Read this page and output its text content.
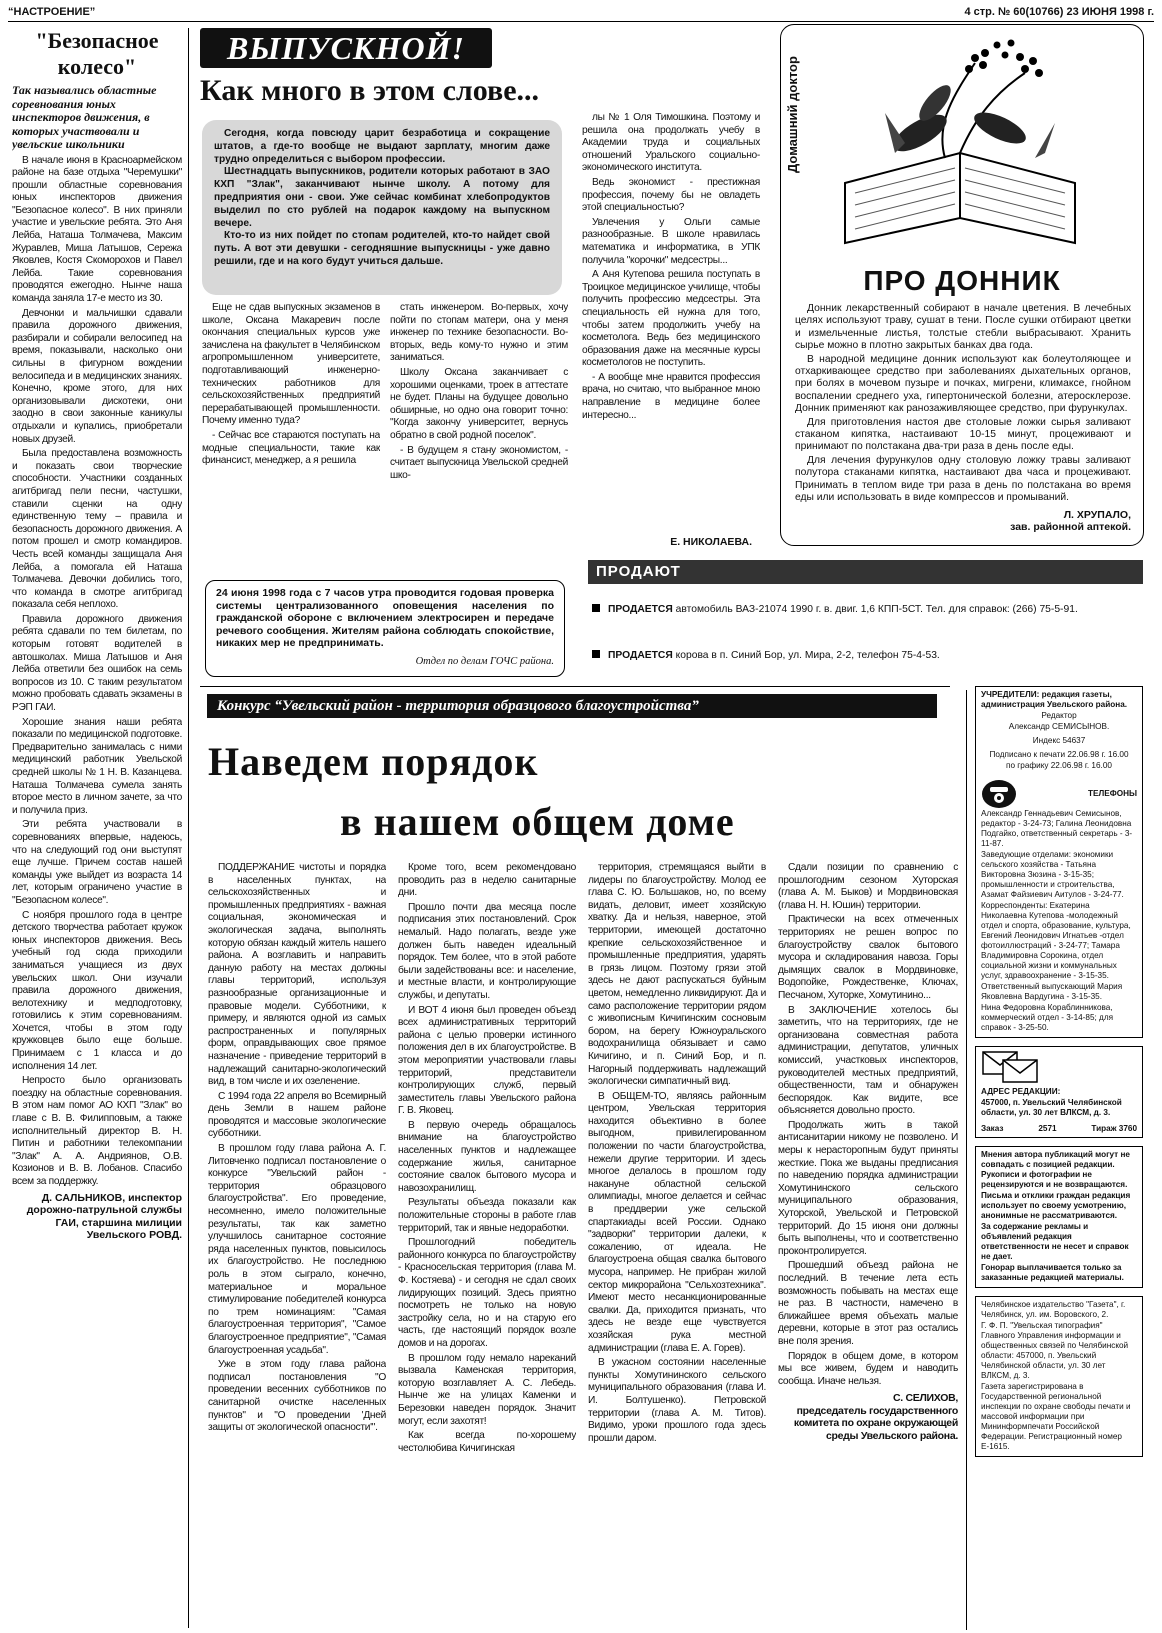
“НАСТРОЕНИЕ”	4 стр. № 60(10766) 23 ИЮНЯ 1998 г.
"Безопасное колесо"
Так назывались областные соревнования юных инспекторов движения, в которых участвовали и увельские школьники

В начале июня в Красноармейском районе на базе отдыха "Черемушки" прошли областные соревнования юных инспекторов движения "Безопасное колесо". В них приняли участие и увельские ребята. Это Аня Лейба, Наташа Толмачева, Максим Журавлев, Миша Латышов, Сережа Яковлев, Костя Скоморохов и Павел Лейба. Такие соревнования проводятся ежегодно. Нынче наша команда заняла 17-е место из 30.

Девчонки и мальчишки сдавали правила дорожного движения, разбирали и собирали велосипед на время, показывали, насколько они сильны в фигурном вождении велосипеда и в медицинских знаниях. Конечно, кроме этого, для них организовывали дискотеки, они заодно в свои законные каникулы отдыхали и купались, приобретали новых друзей.

Была предоставлена возможность и показать свои творческие способности. Участники созданных агитбригад пели песни, частушки, ставили сценки на одну единственную тему – правила и безопасность дорожного движения. А потом прошел и смотр командиров. Честь всей команды защищала Аня Лейба, а помогала ей Наташа Толмачева. Девочки добились того, что команда в смотре агитбригад показала себя неплохо.

Правила дорожного движения ребята сдавали по тем билетам, по которым готовят водителей в автошколах. Миша Латышов и Аня Лейба ответили без ошибок на семь вопросов из 10. С таким результатом можно пробовать сдавать экзамены в РЭП ГАИ.

Хорошие знания наши ребята показали по медицинской подготовке. Предварительно занималась с ними медицинский работник Увельской средней школы № 1 Н. В. Казанцева. Наташа Толмачева сумела занять второе место в личном зачете, за что и получила приз.

Эти ребята участвовали в соревнованиях впервые, надеюсь, что на следующий год они выступят еще лучше. Причем состав нашей команды уже выйдет из возраста 14 лет, которым ограничено участие в "Безопасном колесе".

С ноября прошлого года в центре детского творчества работает кружок юных инспекторов движения. Весь учебный год сюда приходили заниматься учащиеся из двух увельских школ. Они изучали правила дорожного движения, велотехнику и медподготовку, готовились к этим соревнованиям. Хочется, чтобы в этом году кружковцев было еще больше. Принимаем с 1 класса и до исполнения 14 лет.

Непросто было организовать поездку на областные соревнования. В этом нам помог АО КХП "Злак" во главе с В. В. Филипповым, а также исполнительный директор В. Н. Питин и работники телекомпании "Злак" А. А. Андриянов, О.В. Козионов и В. В. Лобанов. Спасибо всем за поддержку.

Д. САЛЬНИКОВ, инспектор дорожно-патрульной службы ГАИ, старшина милиции Увельского РОВД.
ВЫПУСКНОЙ!
Как много в этом слове...

Сегодня, когда повсюду царит безработица и сокращение штатов, а где-то вообще не выдают зарплату, многим даже трудно определиться с выбором профессии.

Шестнадцать выпускников, родители которых работают в ЗАО КХП "Злак", заканчивают нынче школу. А потому для предприятия они - свои. Уже сейчас комбинат хлебопродуктов выделил по сто рублей на подарок каждому на выпускном вечере.

Кто-то из них пойдет по стопам родителей, кто-то найдет свой путь. А вот эти девушки - сегодняшние выпускницы - уже давно решили, где и на кого будут учиться дальше.

Еще не сдав выпускных экзаменов в школе, Оксана Макаревич после окончания специальных курсов уже зачислена на факультет в Челябинском агропромышленном университете, подготавливающий инженерно-технических работников для сельскохозяйственных предприятий перерабатывающей промышленности. Почему именно туда?

- Сейчас все стараются поступать на модные специальности, такие как финансист, менеджер, а я решила

стать инженером. Во-первых, хочу пойти по стопам матери, она у меня инженер по технике безопасности. Во-вторых, ведь кому-то нужно и этим заниматься.

Школу Оксана заканчивает с хорошими оценками, троек в аттестате не будет. Планы на будущее довольно обширные, но одно она говорит точно: "Когда закончу университет, вернусь обратно в свой родной поселок".

- В будущем я стану экономистом, - считает выпускница Увельской средней шко-

лы № 1 Оля Тимошкина. Поэтому и решила она продолжать учебу в Академии труда и социальных отношений Уральского социально-экономического института.

Ведь экономист - престижная профессия, почему бы не овладеть этой специальностью?

Увлечения у Ольги самые разнообразные. В школе нравилась математика и информатика, в УПК получила "корочки" медсестры...

А Аня Кутепова решила поступать в Троицкое медицинское училище, чтобы получить профессию медсестры. Эта специальность ей нужна для того, чтобы затем продолжить учебу на косметолога. Ведь без медицинского образования даже на месячные курсы косметологов не поступить.

- А вообще мне нравится профессия врача, но считаю, что выбранное мною направление в медицине более интересно...

Е. НИКОЛАЕВА.
Домашний доктор
ПРО ДОННИК

Донник лекарственный собирают в начале цветения. В лечебных целях используют траву, сушат в тени. После сушки отбирают цветки и измельченные листья, толстые стебли выбрасывают. Хранить сырье можно в плотно закрытых банках два года.

В народной медицине донник используют как болеутоляющее и отхаркивающее средство при заболеваниях дыхательных органов, при болях в мочевом пузыре и почках, мигрени, климаксе, гнойном воспалении среднего уха, гипертонической болезни, атеросклерозе. Донник применяют как ранозаживляющее средство, при фурункулах.

Для приготовления настоя две столовые ложки сырья заливают стаканом кипятка, настаивают 10-15 минут, процеживают и принимают по полстакана два-три раза в день после еды.

Для лечения фурункулов одну столовую ложку травы заливают полутора стаканами кипятка, настаивают два часа и процеживают. Принимать в теплом виде три раза в день по полстакана во время еды или использовать в виде компрессов и промываний.

Л. ХРУПАЛО,
зав. районной аптекой.
24 июня 1998 года с 7 часов утра проводится годовая проверка системы централизованного оповещения населения по гражданской обороне с включением электросирен и передаче речевого сообщения. Жителям района соблюдать спокойствие, никаких мер не предпринимать.
Отдел по делам ГОЧС района.
ПРОДАЮТ
ПРОДАЕТСЯ автомобиль ВАЗ-21074 1990 г. в. двиг. 1,6 КПП-5СТ. Тел. для справок: (266) 75-5-91.
ПРОДАЕТСЯ корова в п. Синий Бор, ул. Мира, 2-2, телефон 75-4-53.
Конкурс “Увельский район - территория образцового благоустройства”
Наведем порядок
в нашем общем доме

ПОДДЕРЖАНИЕ чистоты и порядка в населенных пунктах, на сельскохозяйственных и промышленных предприятиях - важная социальная, экономическая и экологическая задача, выполнять которую обязан каждый житель нашего района. А возглавить и направить данную работу на местах должны главы территорий, используя разнообразные организационные и правовые модели. Субботники, к примеру, и являются одной из самых распространенных и популярных форм, оправдывающих свое прямое назначение - приведение территорий в надлежащий санитарно-экологический вид, в том числе и их озеленение.

С 1994 года 22 апреля во Всемирный день Земли в нашем районе проводятся и массовые экологические субботники.

В прошлом году глава района А. Г. Литовченко подписал постановление о конкурсе "Увельский район - территория образцового благоустройства". Его проведение, несомненно, имело положительные результаты, так как заметно улучшилось санитарное состояние ряда населенных пунктов, повысилось их благоустройство. Не последнюю роль в этом сыграло, конечно, материальное и моральное стимулирование победителей конкурса по трем номинациям: "Самая благоустроенная территория", "Самое благоустроенное предприятие", "Самая благоустроенная усадьба".

Уже в этом году глава района подписал постановления "О проведении весенних субботников по санитарной очистке населенных пунктов" и "О проведении 'Дней защиты от экологической опасности'".

Кроме того, всем рекомендовано проводить раз в неделю санитарные дни.

Прошло почти два месяца после подписания этих постановлений. Срок немалый. Надо полагать, везде уже должен быть наведен идеальный порядок. Тем более, что в этой работе были задействованы все: и население, и местные власти, и контролирующие службы, и депутаты.

И ВОТ 4 июня был проведен объезд всех административных территорий района с целью проверки истинного положения дел в их благоустройстве. В этом мероприятии участвовали главы территорий, представители контролирующих служб, первый заместитель главы Увельского района Г. В. Яковец.

В первую очередь обращалось внимание на благоустройство населенных пунктов и надлежащее содержание жилья, санитарное состояние свалок бытового мусора и навозохранилищ.

Результаты объезда показали как положительные стороны в работе глав территорий, так и явные недоработки.

Прошлогодний победитель районного конкурса по благоустройству - Красносельская территория (глава М. Ф. Костяева) - и сегодня не сдал своих лидирующих позиций. Здесь приятно посмотреть не только на новую застройку села, но и на старую его часть, где настоящий порядок возле домов и на дорогах.

В прошлом году немало нареканий вызвала Каменская территория, которую возглавляет А. С. Лебедь. Нынче же на улицах Каменки и Березовки наведен порядок. Значит могут, если захотят!

Как всегда по-хорошему честолюбива Кичигинская

территория, стремящаяся выйти в лидеры по благоустройству. Молод ее глава С. Ю. Большаков, но, по всему видать, деловит, имеет хозяйскую хватку. Да и нельзя, наверное, этой территории, имеющей достаточно крепкие сельскохозяйственное и промышленные предприятия, ударять в грязь лицом. Поэтому грязи этой здесь не дают распускаться буйным цветом, немедленно ликвидируют. Да и само расположение территории рядом с живописным Кичигинским сосновым бором, на берегу Южноуральского водохранилища обязывает и само Кичигино, и п. Синий Бор, и п. Нагорный поддерживать надлежащий экологически симпатичный вид.

В ОБЩЕМ-ТО, являясь районным центром, Увельская территория находится объективно в более выгодном, привилегированном положении по части благоустройства, нежели другие территории. И здесь многое делалось в прошлом году накануне областной сельской олимпиады, многое делается и сейчас в преддверии уже сельской спартакиады всей России. Однако "задворки" территории далеки, к сожалению, от идеала. Не благоустроена общая свалка бытового мусора, например. Не прибран жилой сектор микрорайона "Сельхозтехника". Имеют место несанкционированные свалки. Да, приходится признать, что здесь не везде еще чувствуется хозяйская рука местной администрации (глава Е. А. Горев).

В ужасном состоянии населенные пункты Хомутининского сельского муниципального образования (глава И. И. Болтушенко). Петровской территории (глава А. М. Титов). Видимо, уроки прошлого года здесь прошли даром.

Сдали позиции по сравнению с прошлогодним сезоном Хуторская (глава А. М. Быков) и Мордвиновская (глава Н. Н. Юшин) территории.

Практически на всех отмеченных территориях не решен вопрос по благоустройству свалок бытового мусора и складирования навоза. Горы дымящих свалок в Мордвиновке, Водопойке, Рождественке, Ключах, Песчаном, Хуторке, Хомутинино...

В ЗАКЛЮЧЕНИЕ хотелось бы заметить, что на территориях, где не организована совместная работа администрации, депутатов, уличных комиссий, участковых инспекторов, руководителей местных предприятий, общественности, там и обнаружен беспорядок. Как видите, все объясняется довольно просто.

Продолжать жить в такой антисанитарии никому не позволено. И меры к нерасторопным будут приняты жесткие. Пока же выданы предписания по наведению порядка администрации Хомутининского сельского муниципального образования, Хуторской, Увельской и Петровской территорий. До 15 июня они должны быть выполнены, что и соответственно проконтролируется.

Прошедший объезд района не последний. В течение лета есть возможность побывать на местах еще не раз. В частности, намечено в ближайшее время объехать малые деревни, которые в этот раз остались вне поля зрения.

Порядок в общем доме, в котором мы все живем, будем и наводить сообща. Иначе нельзя.

С. СЕЛИХОВ,
председатель государственного комитета по охране окружающей среды Увельского района.

УЧРЕДИТЕЛИ: редакция газеты, администрация Увельского района.

Редактор

Александр СЕМИСЫНОВ.

Индекс 54637

Подписано к печати 22.06.98 г. 16.00

по графику 22.06.98 г. 16.00

ТЕЛЕФОНЫ

Александр Геннадьевич Семисынов, редактор - 3-24-73; Галина Леонидовна Подгайко, ответственный секретарь - 3-11-87.

Заведующие отделами: экономики сельского хозяйства - Татьяна Викторовна Зюзина - 3-15-35; промышленности и строительства, Азамат Файзиевич Аитулов - 3-24-77.

Корреспонденты: Екатерина Николаевна Кутепова -молодежный отдел и спорта, образование, культура, Евгений Леонидович Игнатьев -отдел фотоиллюстраций - 3-24-77; Тамара Владимировна Сорокина, отдел социальной жизни и коммунальных услуг, здравоохранение - 3-15-35.

Ответственный выпускающий Мария Яковлевна Вардугина - 3-15-35.

Нина Федоровна Кораблинникова, коммерческий отдел - 3-14-85; для справок - 3-25-50.

АДРЕС РЕДАКЦИИ:

457000, п. Увельский Челябинской области, ул. 30 лет ВЛКСМ, д. 3.

Заказ	2571	Тираж 3760

Мнения автора публикаций могут не совпадать с позицией редакции. Рукописи и фотографии не рецензируются и не возвращаются.

Письма и отклики граждан редакция использует по своему усмотрению, анонимные не рассматриваются.

За содержание рекламы и объявлений редакция ответственности не несет и справок не дает.

Гонорар выплачивается только за заказанные редакцией материалы.

Челябинское издательство "Газета", г. Челябинск, ул. им. Воровского, 2.

Г. Ф. П. "Увельская типография" Главного Управления информации и общественных связей по Челябинской области: 457000, п. Увельский Челябинской области, ул. 30 лет ВЛКСМ, д. 3.

Газета зарегистрирована в Государственной региональной инспекции по охране свободы печати и массовой информации при Мининформпечати Российской Федерации. Регистрационный номер Е-1615.
